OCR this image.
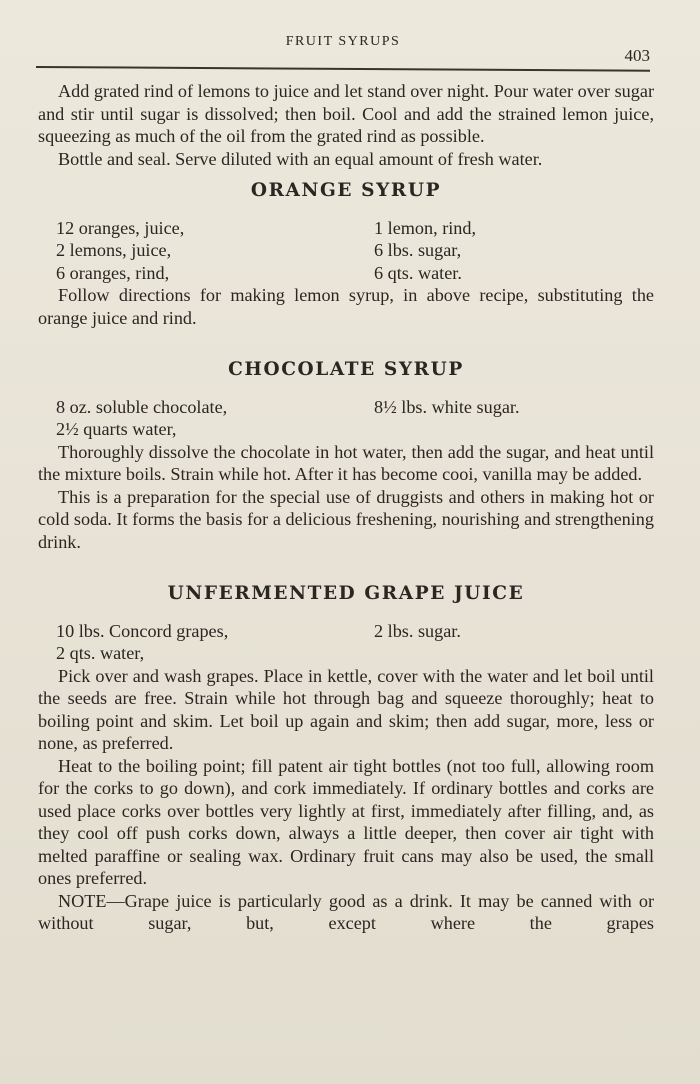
FRUIT SYRUPS
403

Add grated rind of lemons to juice and let stand over night. Pour water over sugar and stir until sugar is dissolved; then boil. Cool and add the strained lemon juice, squeezing as much of the oil from the grated rind as possible.

Bottle and seal. Serve diluted with an equal amount of fresh water.

ORANGE SYRUP
12 oranges, juice,	1 lemon, rind,
2 lemons, juice,	6 lbs. sugar,
6 oranges, rind,	6 qts. water.

Follow directions for making lemon syrup, in above recipe, substituting the orange juice and rind.

CHOCOLATE SYRUP
8 oz. soluble chocolate,	8½ lbs. white sugar.
2½ quarts water,

Thoroughly dissolve the chocolate in hot water, then add the sugar, and heat until the mixture boils. Strain while hot. After it has become cooi, vanilla may be added.

This is a preparation for the special use of druggists and others in making hot or cold soda. It forms the basis for a delicious freshening, nourishing and strengthening drink.

UNFERMENTED GRAPE JUICE
10 lbs. Concord grapes,	2 lbs. sugar.
2 qts. water,

Pick over and wash grapes. Place in kettle, cover with the water and let boil until the seeds are free. Strain while hot through bag and squeeze thoroughly; heat to boiling point and skim. Let boil up again and skim; then add sugar, more, less or none, as preferred.

Heat to the boiling point; fill patent air tight bottles (not too full, allowing room for the corks to go down), and cork immediately. If ordinary bottles and corks are used place corks over bottles very lightly at first, immediately after filling, and, as they cool off push corks down, always a little deeper, then cover air tight with melted paraffine or sealing wax. Ordinary fruit cans may also be used, the small ones preferred.

NOTE—Grape juice is particularly good as a drink. It may be canned with or without sugar, but, except where the grapes
